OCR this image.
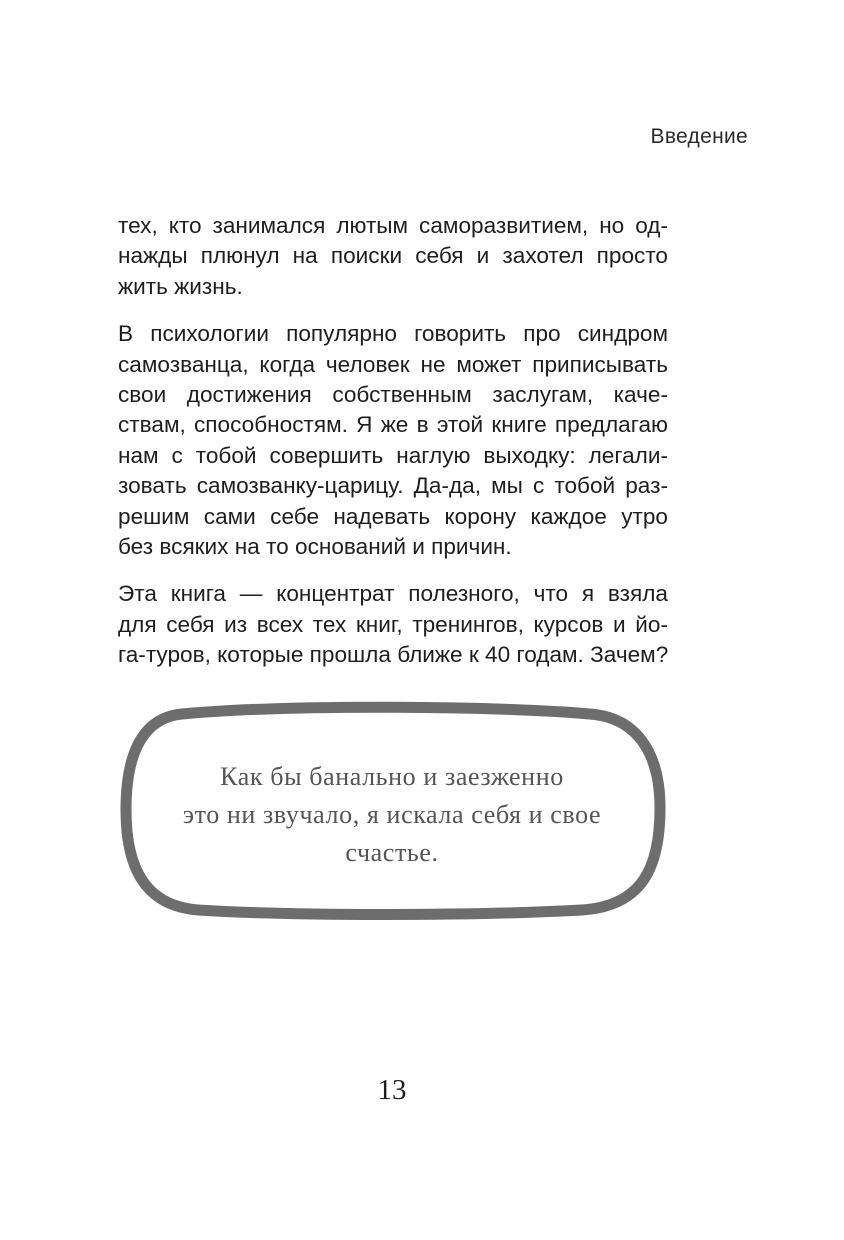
Введение
тех, кто занимался лютым саморазвитием, но од-
нажды плюнул на поиски себя и захотел просто
жить жизнь.
В психологии популярно говорить про синдром
самозванца, когда человек не может приписывать
свои достижения собственным заслугам, каче-
ствам, способностям. Я же в этой книге предлагаю
нам с тобой совершить наглую выходку: легали-
зовать самозванку-царицу. Да-да, мы с тобой раз-
решим сами себе надевать корону каждое утро
без всяких на то оснований и причин.
Эта книга — концентрат полезного, что я взяла
для себя из всех тех книг, тренингов, курсов и йо-
га-туров, которые прошла ближе к 40 годам. Зачем?
Как бы банально и заезженно
это ни звучало, я искала себя и свое
счастье.
13
